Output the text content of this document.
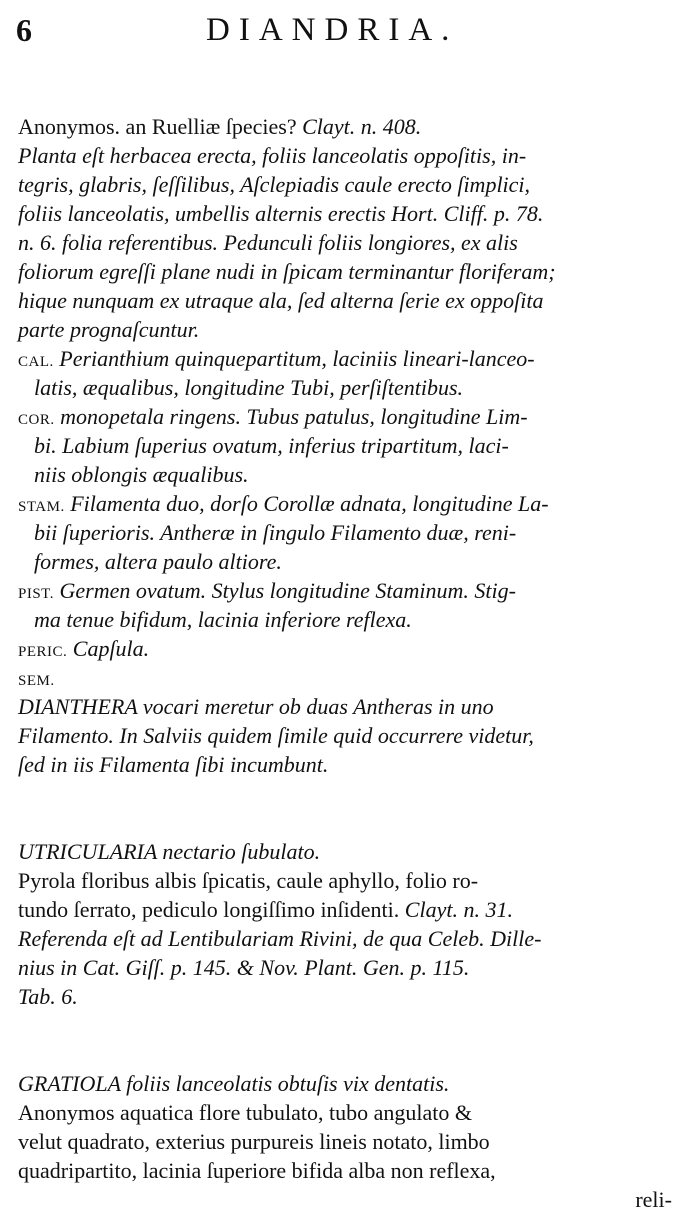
6	DIANDRIA.
Anonymos. an Ruelliæ ſpecies? Clayt. n. 408.
Planta eſt herbacea erecta, foliis lanceolatis oppoſitis, in-
tegris, glabris, ſeſſilibus, Aſclepiadis caule erecto ſimplici,
foliis lanceolatis, umbellis alternis erectis Hort. Cliff. p. 78.
n. 6. folia referentibus. Pedunculi foliis longiores, ex alis
foliorum egreſſi plane nudi in ſpicam terminantur floriferam;
hique nunquam ex utraque ala, ſed alterna ſerie ex oppoſita
parte prognaſcuntur.
CAL. Perianthium quinquepartitum, laciniis lineari-lanceo-
latis, æqualibus, longitudine Tubi, perſiſtentibus.
COR. monopetala ringens. Tubus patulus, longitudine Lim-
bi. Labium ſuperius ovatum, inferius tripartitum, laci-
niis oblongis æqualibus.
STAM. Filamenta duo, dorſo Corollæ adnata, longitudine La-
bii ſuperioris. Antheræ in ſingulo Filamento duæ, reni-
formes, altera paulo altiore.
PIST. Germen ovatum. Stylus longitudine Staminum. Stig-
ma tenue bifidum, lacinia inferiore reflexa.
PERIC. Capſula.
SEM.
DIANTHERA vocari meretur ob duas Antheras in uno
Filamento. In Salviis quidem ſimile quid occurrere videtur,
ſed in iis Filamenta ſibi incumbunt.
UTRICULARIA nectario ſubulato.
Pyrola floribus albis ſpicatis, caule aphyllo, folio ro-
tundo ſerrato, pediculo longiſſimo inſidenti. Clayt. n. 31.
Referenda eſt ad Lentibulariam Rivini, de qua Celeb. Dille-
nius in Cat. Giſſ. p. 145. & Nov. Plant. Gen. p. 115.
Tab. 6.
GRATIOLA foliis lanceolatis obtuſis vix dentatis.
Anonymos aquatica flore tubulato, tubo angulato &
velut quadrato, exterius purpureis lineis notato, limbo
quadripartito, lacinia ſuperiore bifida alba non reflexa,
reli-
